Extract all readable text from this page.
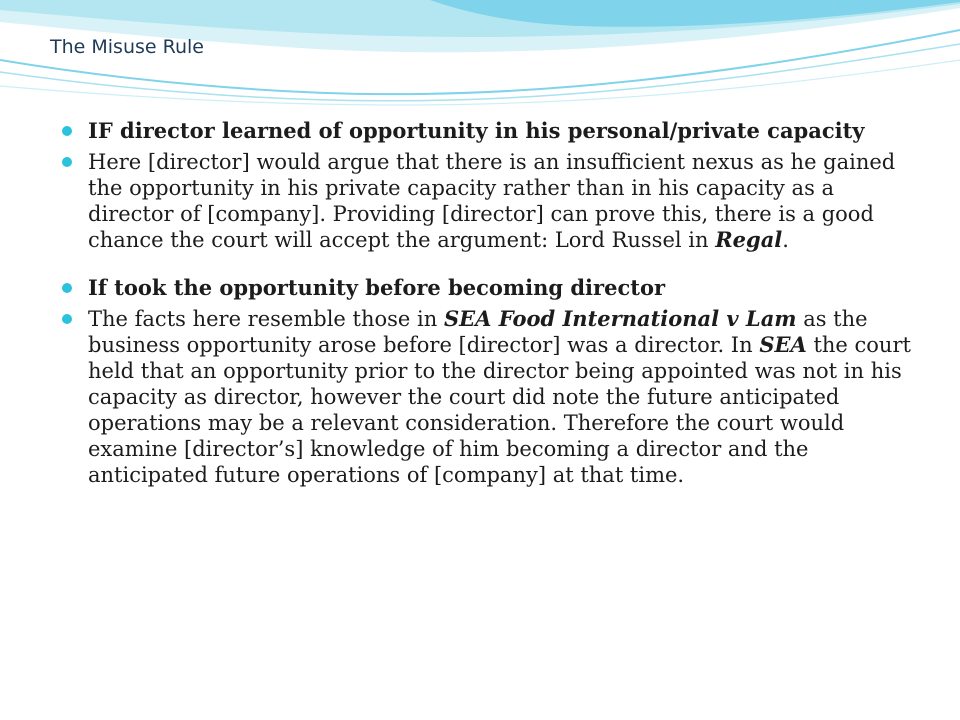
The Misuse Rule
IF director learned of opportunity in his personal/private capacity
Here [director] would argue that there is an insufficient nexus as he gained the opportunity in his private capacity rather than in his capacity as a director of [company]. Providing [director] can prove this, there is a good chance the court will accept the argument: Lord Russel in Regal.
If took the opportunity before becoming director
The facts here resemble those in SEA Food International v Lam as the business opportunity arose before [director] was a director. In SEA the court held that an opportunity prior to the director being appointed was not in his capacity as director, however the court did note the future anticipated operations may be a relevant consideration. Therefore the court would examine [director’s] knowledge of him becoming a director and the anticipated future operations of [company] at that time.
